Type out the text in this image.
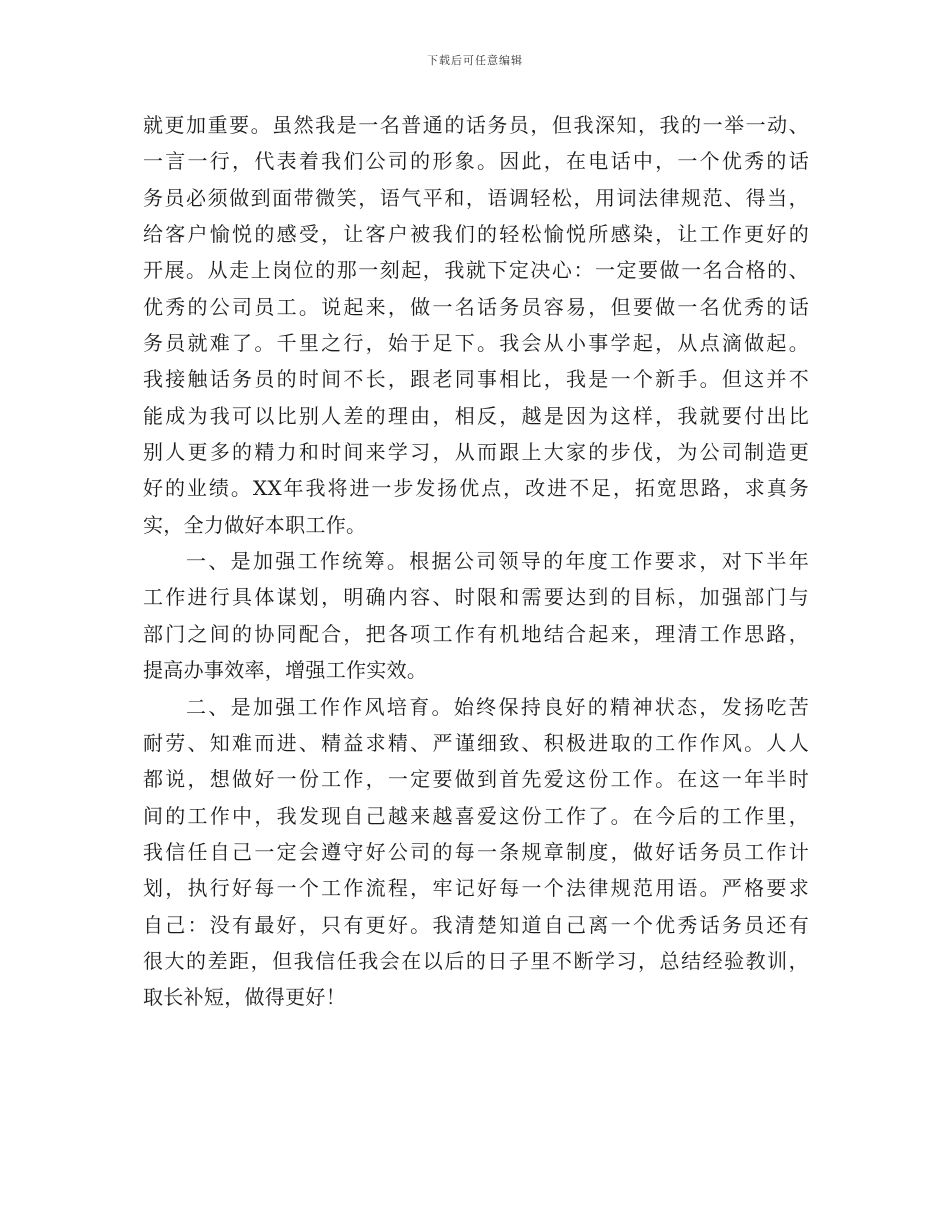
下载后可任意编辑
就更加重要。虽然我是一名普通的话务员，但我深知，我的一举一动、
一言一行，代表着我们公司的形象。因此，在电话中，一个优秀的话
务员必须做到面带微笑，语气平和，语调轻松，用词法律规范、得当，
给客户愉悦的感受，让客户被我们的轻松愉悦所感染，让工作更好的
开展。从走上岗位的那一刻起，我就下定决心：一定要做一名合格的、
优秀的公司员工。说起来，做一名话务员容易，但要做一名优秀的话
务员就难了。千里之行，始于足下。我会从小事学起，从点滴做起。
我接触话务员的时间不长，跟老同事相比，我是一个新手。但这并不
能成为我可以比别人差的理由，相反，越是因为这样，我就要付出比
别人更多的精力和时间来学习，从而跟上大家的步伐，为公司制造更
好的业绩。XX年我将进一步发扬优点，改进不足，拓宽思路，求真务
实，全力做好本职工作。
一、是加强工作统筹。根据公司领导的年度工作要求，对下半年
工作进行具体谋划，明确内容、时限和需要达到的目标，加强部门与
部门之间的协同配合，把各项工作有机地结合起来，理清工作思路，
提高办事效率，增强工作实效。
二、是加强工作作风培育。始终保持良好的精神状态，发扬吃苦
耐劳、知难而进、精益求精、严谨细致、积极进取的工作作风。人人
都说，想做好一份工作，一定要做到首先爱这份工作。在这一年半时
间的工作中，我发现自己越来越喜爱这份工作了。在今后的工作里，
我信任自己一定会遵守好公司的每一条规章制度，做好话务员工作计
划，执行好每一个工作流程，牢记好每一个法律规范用语。严格要求
自己：没有最好，只有更好。我清楚知道自己离一个优秀话务员还有
很大的差距，但我信任我会在以后的日子里不断学习，总结经验教训，
取长补短，做得更好！
